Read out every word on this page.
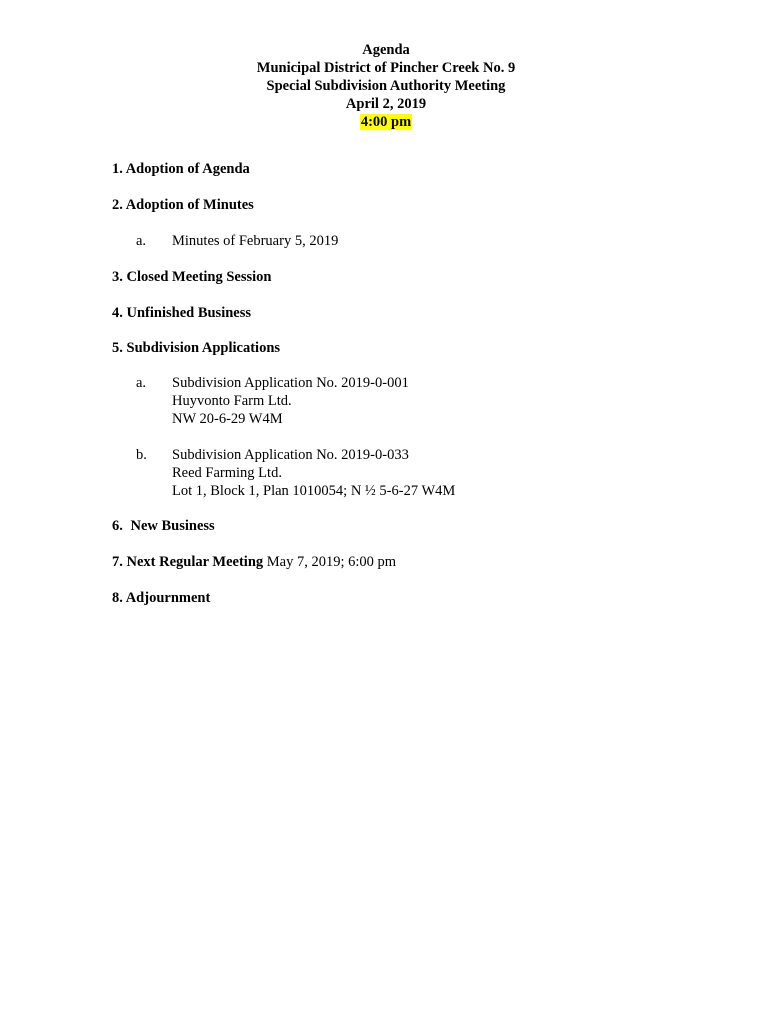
Agenda
Municipal District of Pincher Creek No. 9
Special Subdivision Authority Meeting
April 2, 2019
4:00 pm
1. Adoption of Agenda
2. Adoption of Minutes
a. Minutes of February 5, 2019
3. Closed Meeting Session
4. Unfinished Business
5. Subdivision Applications
a. Subdivision Application No. 2019-0-001
Huyvonto Farm Ltd.
NW 20-6-29 W4M
b. Subdivision Application No. 2019-0-033
Reed Farming Ltd.
Lot 1, Block 1, Plan 1010054; N ½ 5-6-27 W4M
6. New Business
7. Next Regular Meeting May 7, 2019; 6:00 pm
8. Adjournment
